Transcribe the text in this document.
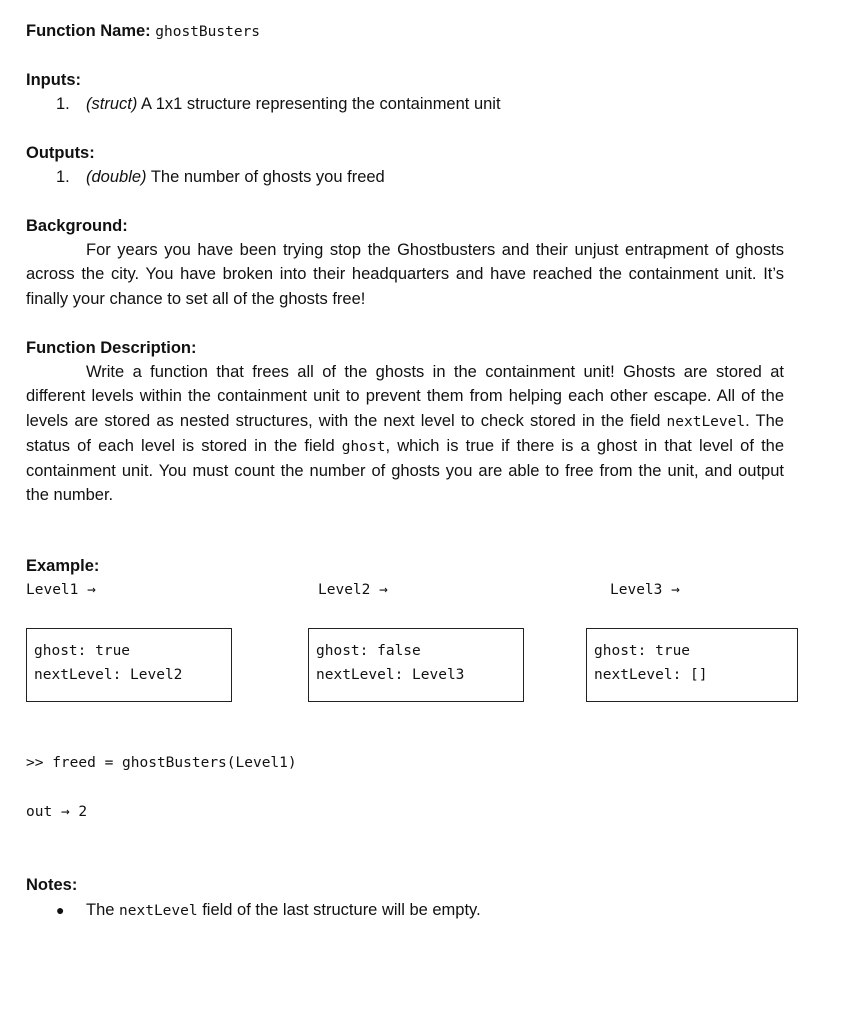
Function Name: ghostBusters
Inputs:
1. (struct) A 1x1 structure representing the containment unit
Outputs:
1. (double) The number of ghosts you freed
Background:
For years you have been trying stop the Ghostbusters and their unjust entrapment of ghosts across the city. You have broken into their headquarters and have reached the containment unit. It’s finally your chance to set all of the ghosts free!
Function Description:
Write a function that frees all of the ghosts in the containment unit! Ghosts are stored at different levels within the containment unit to prevent them from helping each other escape. All of the levels are stored as nested structures, with the next level to check stored in the field nextLevel. The status of each level is stored in the field ghost, which is true if there is a ghost in that level of the containment unit. You must count the number of ghosts you are able to free from the unit, and output the number.
Example:
Level1 →	Level2 →	Level3 →
ghost: true
nextLevel: Level2
ghost: false
nextLevel: Level3
ghost: true
nextLevel: []
>> freed = ghostBusters(Level1)
out → 2
Notes:
● The nextLevel field of the last structure will be empty.
